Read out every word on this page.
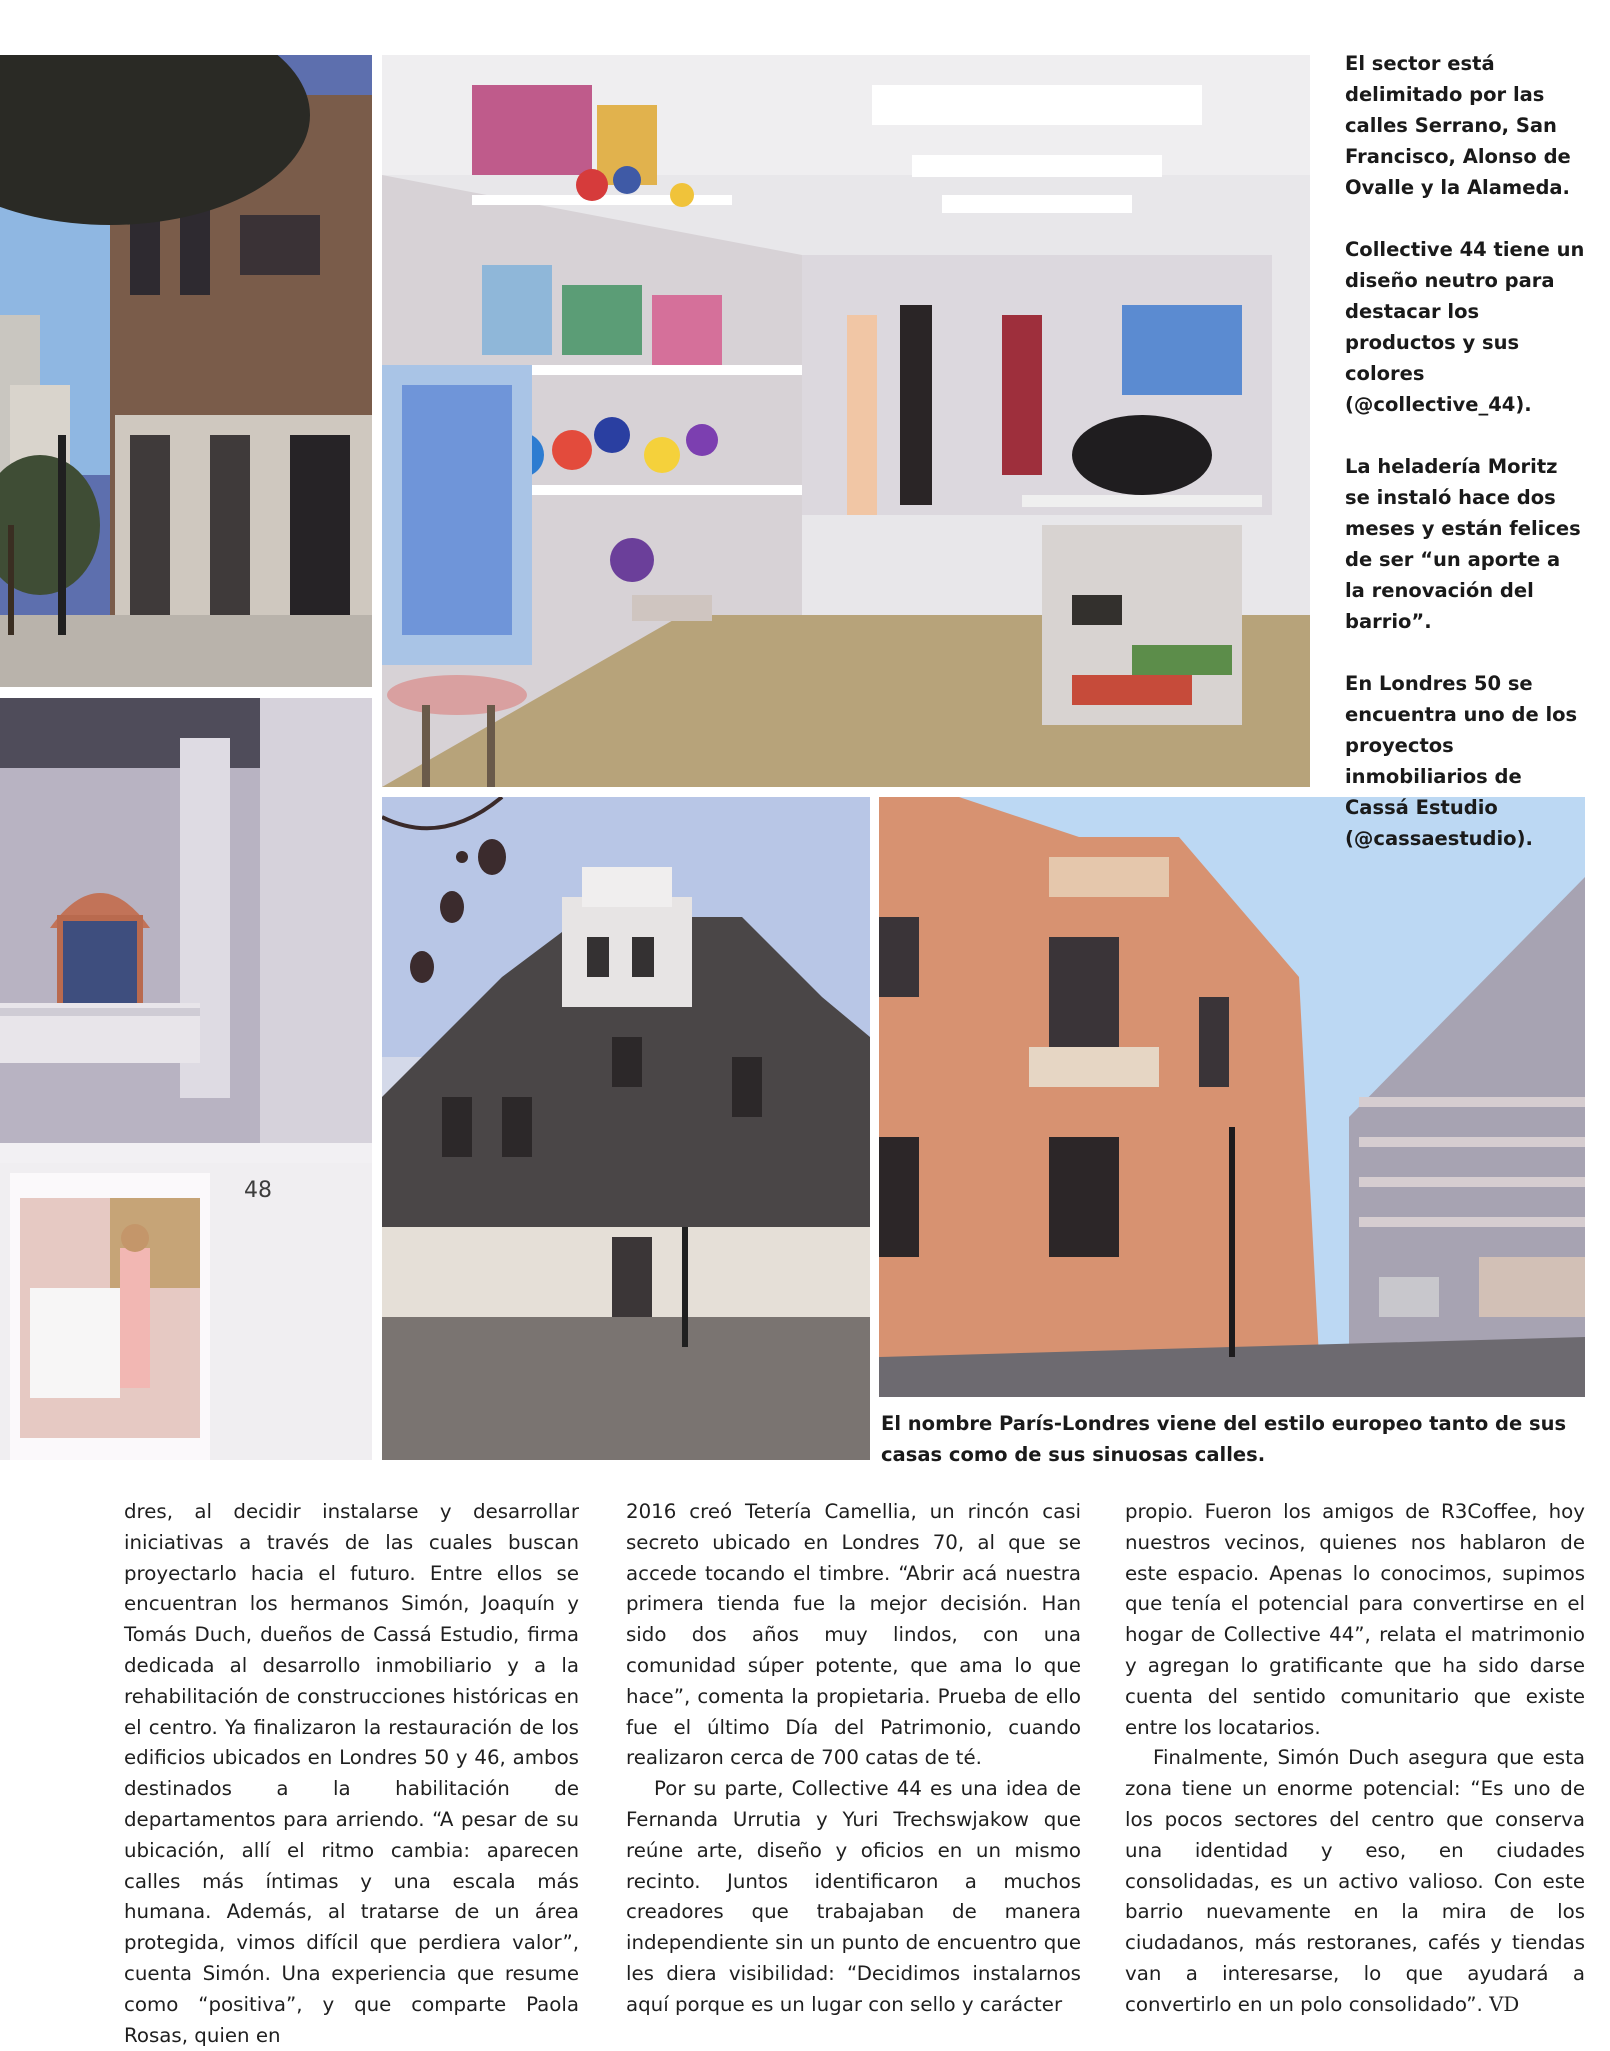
48

El sector está delimitado por las calles Serrano, San Francisco, Alonso de Ovalle y la Alameda.

Collective 44 tiene un diseño neutro para destacar los productos y sus colores (@collective_44).

La heladería Moritz se instaló hace dos meses y están felices de ser “un aporte a la renovación del barrio”.

En Londres 50 se encuentra uno de los proyectos inmobiliarios de Cassá Estudio (@cassaestudio).

El nombre París-Londres viene del estilo europeo tanto de sus casas como de sus sinuosas calles.

dres, al decidir instalarse y desarrollar iniciativas a través de las cuales buscan proyectarlo hacia el futuro. Entre ellos se encuentran los hermanos Simón, Joaquín y Tomás Duch, dueños de Cassá Estudio, firma dedicada al desarrollo inmobiliario y a la rehabilitación de construcciones históricas en el centro. Ya finalizaron la restauración de los edificios ubicados en Londres 50 y 46, ambos destinados a la habilitación de departamentos para arriendo. “A pesar de su ubicación, allí el ritmo cambia: aparecen calles más íntimas y una escala más humana. Además, al tratarse de un área protegida, vimos difícil que perdiera valor”, cuenta Simón. Una experiencia que resume como “positiva”, y que comparte Paola Rosas, quien en

2016 creó Tetería Camellia, un rincón casi secreto ubicado en Londres 70, al que se accede tocando el timbre. “Abrir acá nuestra primera tienda fue la mejor decisión. Han sido dos años muy lindos, con una comunidad súper potente, que ama lo que hace”, comenta la propietaria. Prueba de ello fue el último Día del Patrimonio, cuando realizaron cerca de 700 catas de té.

Por su parte, Collective 44 es una idea de Fernanda Urrutia y Yuri Trechswjakow que reúne arte, diseño y oficios en un mismo recinto. Juntos identificaron a muchos creadores que trabajaban de manera independiente sin un punto de encuentro que les diera visibilidad: “Decidimos instalarnos aquí porque es un lugar con sello y carácter

propio. Fueron los amigos de R3Coffee, hoy nuestros vecinos, quienes nos hablaron de este espacio. Apenas lo conocimos, supimos que tenía el potencial para convertirse en el hogar de Collective 44”, relata el matrimonio y agregan lo gratificante que ha sido darse cuenta del sentido comunitario que existe entre los locatarios.

Finalmente, Simón Duch asegura que esta zona tiene un enorme potencial: “Es uno de los pocos sectores del centro que conserva una identidad y eso, en ciudades consolidadas, es un activo valioso. Con este barrio nuevamente en la mira de los ciudadanos, más restoranes, cafés y tiendas van a interesarse, lo que ayudará a convertirlo en un polo consolidado”. VD
